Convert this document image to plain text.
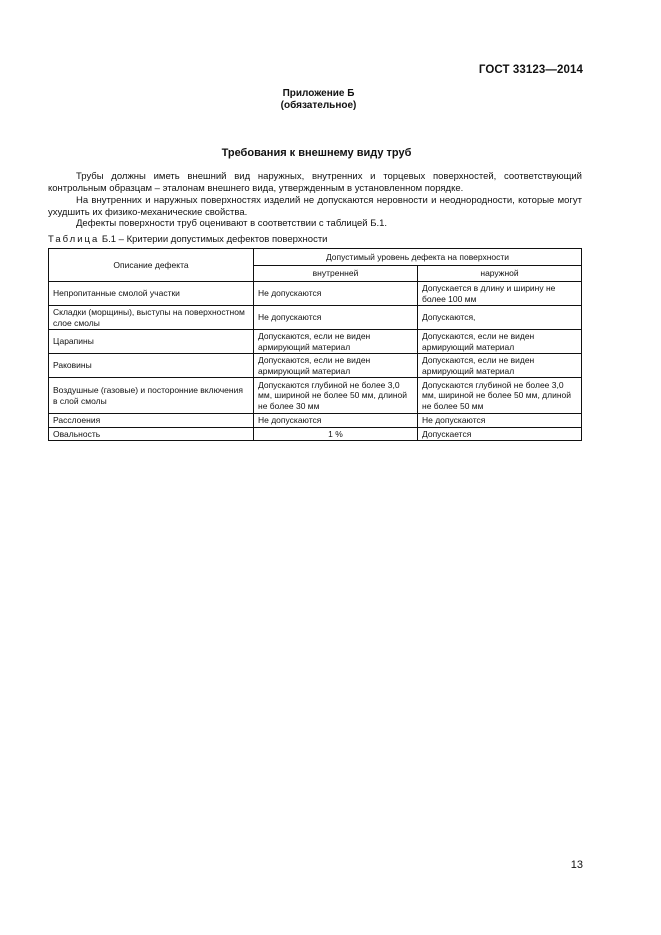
ГОСТ 33123—2014
Приложение Б
(обязательное)
Требования к внешнему виду труб
Трубы должны иметь внешний вид наружных, внутренних и торцевых поверхностей, соответствующий контрольным образцам – эталонам внешнего вида, утвержденным в установленном порядке.
На внутренних и наружных поверхностях изделий не допускаются неровности и неоднородности, которые могут ухудшить их физико-механические свойства.
Дефекты поверхности труб оценивают в соответствии с таблицей Б.1.
Таблица Б.1 – Критерии допустимых дефектов поверхности
Описание дефекта	Допустимый уровень дефекта на поверхности	
	внутренней	наружной
Непропитанные смолой участки	Не допускаются	Допускается в длину и ширину не более 100 мм
Складки (морщины), выступы на поверхностном слое смолы	Не допускаются	Допускаются,
Царапины	Допускаются, если не виден армирующий материал	Допускаются, если не виден армирующий материал
Раковины	Допускаются, если не виден армирующий материал	Допускаются, если не виден армирующий материал
Воздушные (газовые) и посторонние включения в слой смолы	Допускаются глубиной не более 3,0 мм, шириной не более 50 мм, длиной не более 30 мм	Допускаются глубиной не более 3,0 мм, шириной не более 50 мм, длиной не более 50 мм
Расслоения	Не допускаются	Не допускаются
Овальность	1 %	Допускается
13
